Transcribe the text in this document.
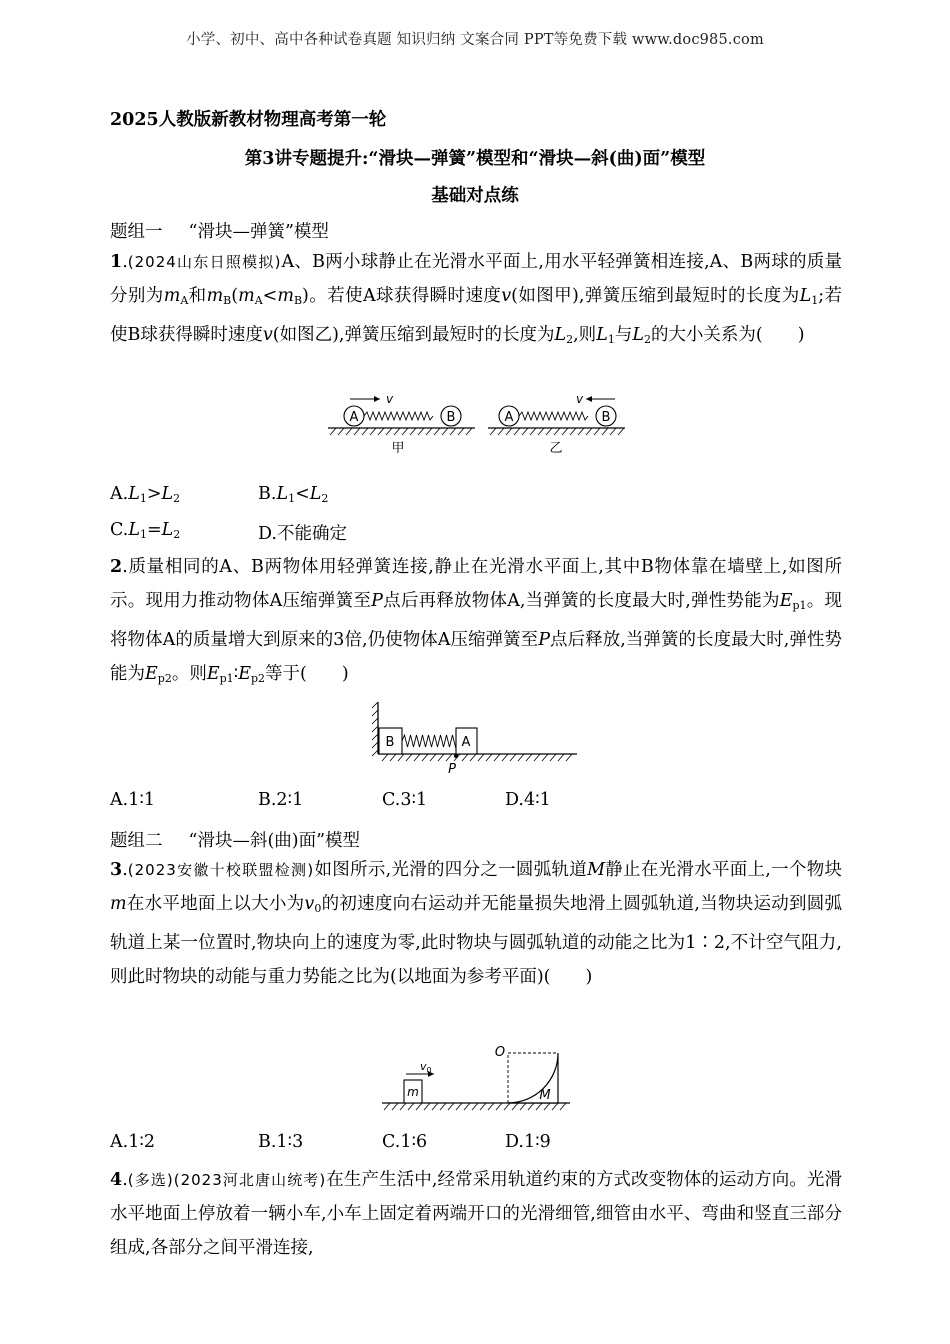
小学、初中、高中各种试卷真题 知识归纳 文案合同 PPT等免费下载 www.doc985.com
2025人教版新教材物理高考第一轮
第3讲专题提升:“滑块—弹簧”模型和“滑块—斜(曲)面”模型
基础对点练
题组一 “滑块—弹簧”模型
1.(2024山东日照模拟)A、B两小球静止在光滑水平面上,用水平轻弹簧相连接,A、B两球的质量分别为$m_A$和$m_B(m_A<m_B)$。若使A球获得瞬时速度v(如图甲),弹簧压缩到最短时的长度为$L_1$;若使B球获得瞬时速度v(如图乙),弹簧压缩到最短时的长度为$L_2$,则$L_1$与$L_2$的大小关系为(　　)
A	B
v
甲
A	B
v
乙
$A.L_1>L_2$	$B.L_1<L_2$
$C.L_1=L_2$	D.不能确定
2.质量相同的A、B两物体用轻弹簧连接,静止在光滑水平面上,其中B物体靠在墙壁上,如图所示。现用力推动物体A压缩弹簧至P点后再释放物体A,当弹簧的长度最大时,弹性势能为$E_{p1}$。现将物体A的质量增大到原来的3倍,仍使物体A压缩弹簧至P点后释放,当弹簧的长度最大时,弹性势能为$E_{p2}$。则$E_{p1}∶E_{p2}$等于(　　)
B	A
P
A.1∶1	B.2∶1	C.3∶1	D.4∶1
题组二 “滑块—斜(曲)面”模型
3.(2023安徽十校联盟检测)如图所示,光滑的四分之一圆弧轨道M静止在光滑水平面上,一个物块m在水平地面上以大小为$v_0$的初速度向右运动并无能量损失地滑上圆弧轨道,当物块运动到圆弧轨道上某一位置时,物块向上的速度为零,此时物块与圆弧轨道的动能之比为1∶2,不计空气阻力,则此时物块的动能与重力势能之比为(以地面为参考平面)(　　)
m
$v_0$
O
M
A.1∶2	B.1∶3	C.1∶6	D.1∶9
4.(多选)(2023河北唐山统考)在生产生活中,经常采用轨道约束的方式改变物体的运动方向。光滑水平地面上停放着一辆小车,小车上固定着两端开口的光滑细管,细管由水平、弯曲和竖直三部分组成,各部分之间平滑连接,
